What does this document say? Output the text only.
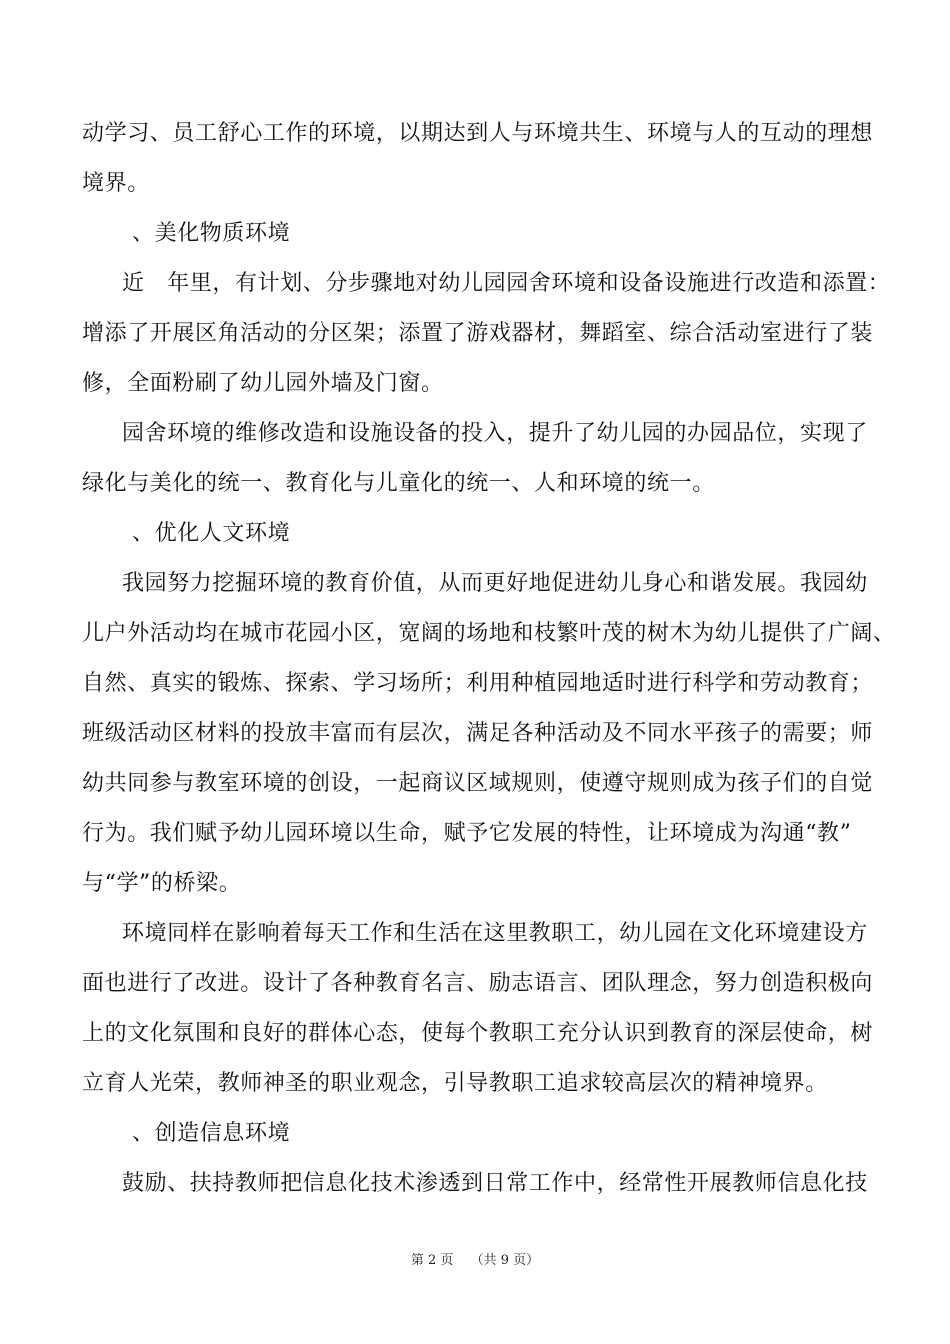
动学习、员工舒心工作的环境，以期达到人与环境共生、环境与人的互动的理想
境界。
、美化物质环境
近　年里，有计划、分步骤地对幼儿园园舍环境和设备设施进行改造和添置：
增添了开展区角活动的分区架；添置了游戏器材，舞蹈室、综合活动室进行了装
修，全面粉刷了幼儿园外墙及门窗。
园舍环境的维修改造和设施设备的投入，提升了幼儿园的办园品位，实现了
绿化与美化的统一、教育化与儿童化的统一、人和环境的统一。
、优化人文环境
我园努力挖掘环境的教育价值，从而更好地促进幼儿身心和谐发展。我园幼
儿户外活动均在城市花园小区，宽阔的场地和枝繁叶茂的树木为幼儿提供了广阔、
自然、真实的锻炼、探索、学习场所；利用种植园地适时进行科学和劳动教育；
班级活动区材料的投放丰富而有层次，满足各种活动及不同水平孩子的需要；师
幼共同参与教室环境的创设，一起商议区域规则，使遵守规则成为孩子们的自觉
行为。我们赋予幼儿园环境以生命，赋予它发展的特性，让环境成为沟通“教”
与“学”的桥梁。
环境同样在影响着每天工作和生活在这里教职工，幼儿园在文化环境建设方
面也进行了改进。设计了各种教育名言、励志语言、团队理念，努力创造积极向
上的文化氛围和良好的群体心态，使每个教职工充分认识到教育的深层使命，树
立育人光荣，教师神圣的职业观念，引导教职工追求较高层次的精神境界。
、创造信息环境
鼓励、扶持教师把信息化技术渗透到日常工作中，经常性开展教师信息化技
第 2 页　 （共 9 页）
